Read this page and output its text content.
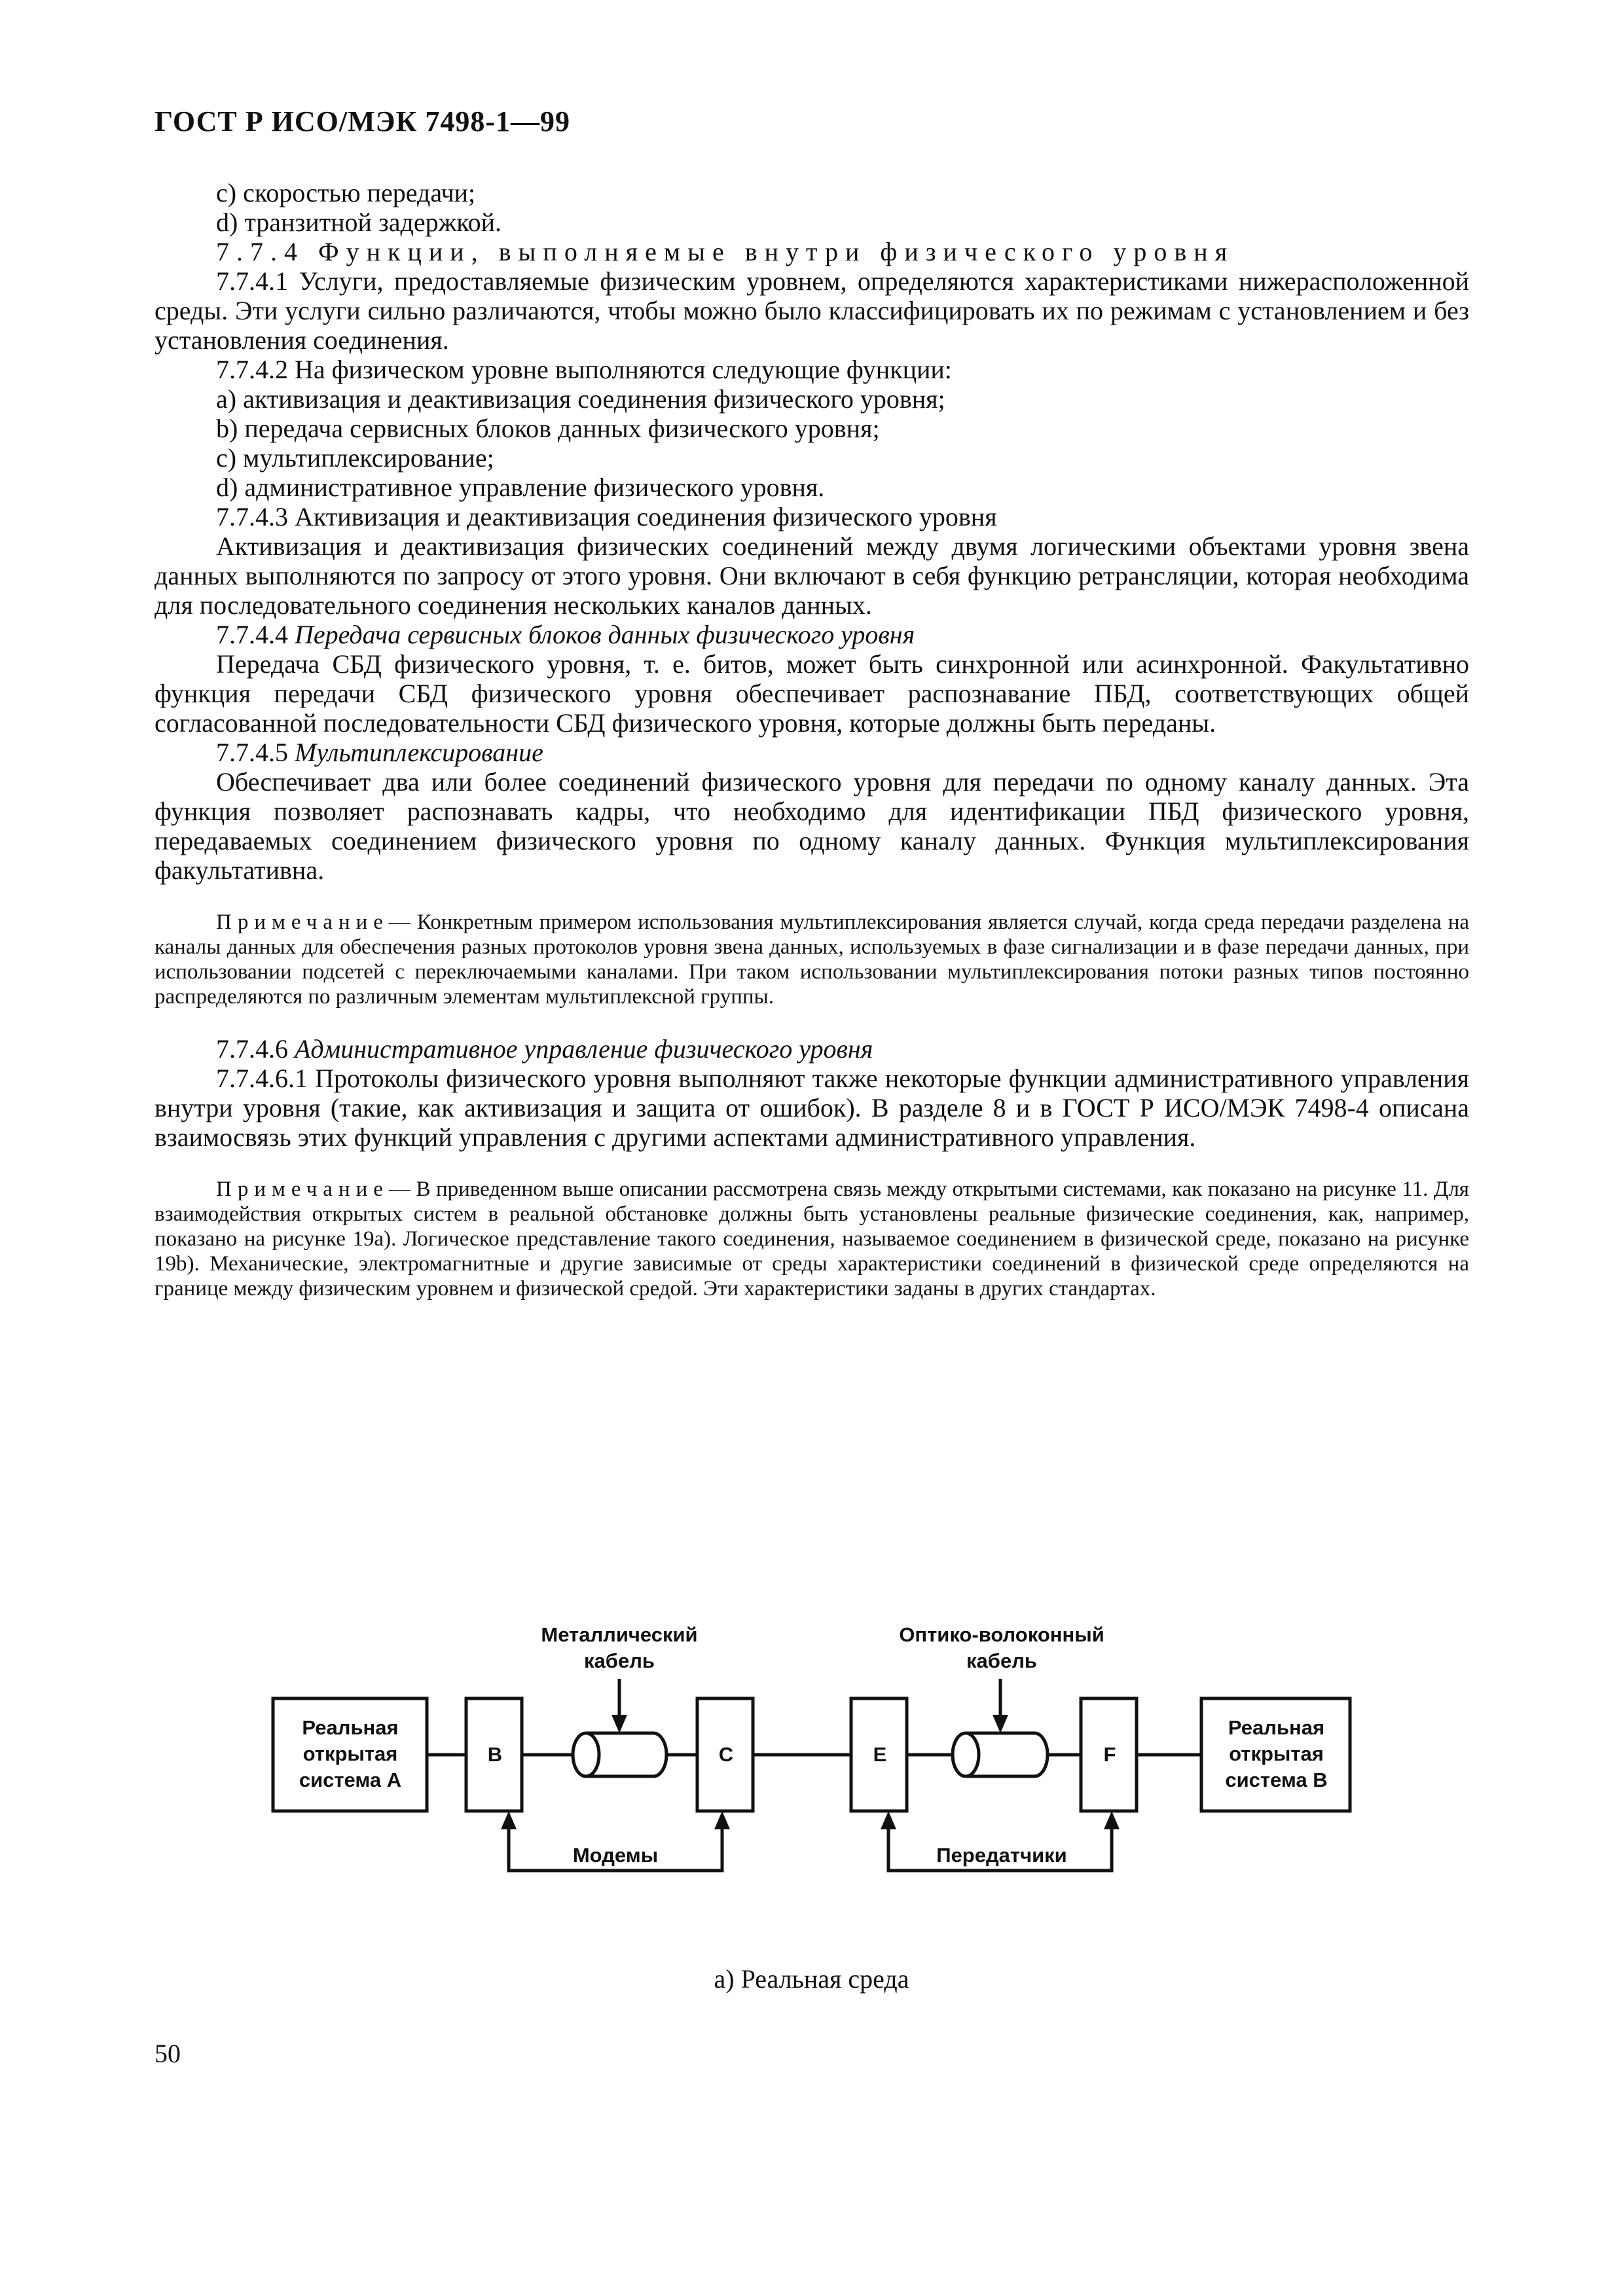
ГОСТ Р ИСО/МЭК 7498-1—99

c) скоростью передачи;

d) транзитной задержкой.

7.7.4 Функции, выполняемые внутри физического уровня

7.7.4.1 Услуги, предоставляемые физическим уровнем, определяются характеристиками нижерасположенной среды. Эти услуги сильно различаются, чтобы можно было классифицировать их по режимам с установлением и без установления соединения.

7.7.4.2 На физическом уровне выполняются следующие функции:

a) активизация и деактивизация соединения физического уровня;

b) передача сервисных блоков данных физического уровня;

c) мультиплексирование;

d) административное управление физического уровня.

7.7.4.3 Активизация и деактивизация соединения физического уровня

Активизация и деактивизация физических соединений между двумя логическими объектами уровня звена данных выполняются по запросу от этого уровня. Они включают в себя функцию ретрансляции, которая необходима для последовательного соединения нескольких каналов данных.

7.7.4.4 Передача сервисных блоков данных физического уровня

Передача СБД физического уровня, т. е. битов, может быть синхронной или асинхронной. Факультативно функция передачи СБД физического уровня обеспечивает распознавание ПБД, соответствующих общей согласованной последовательности СБД физического уровня, которые должны быть переданы.

7.7.4.5 Мультиплексирование

Обеспечивает два или более соединений физического уровня для передачи по одному каналу данных. Эта функция позволяет распознавать кадры, что необходимо для идентификации ПБД физического уровня, передаваемых соединением физического уровня по одному каналу данных. Функция мультиплексирования факультативна.

Примечание— Конкретным примером использования мультиплексирования является случай, когда среда передачи разделена на каналы данных для обеспечения разных протоколов уровня звена данных, используемых в фазе сигнализации и в фазе передачи данных, при использовании подсетей с переключаемыми каналами. При таком использовании мультиплексирования потоки разных типов постоянно распределяются по различным элементам мультиплексной группы.

7.7.4.6 Административное управление физического уровня

7.7.4.6.1 Протоколы физического уровня выполняют также некоторые функции административного управления внутри уровня (такие, как активизация и защита от ошибок). В разделе 8 и в ГОСТ Р ИСО/МЭК 7498-4 описана взаимосвязь этих функций управления с другими аспектами административного управления.

Примечание— В приведенном выше описании рассмотрена связь между открытыми системами, как показано на рисунке 11. Для взаимодействия открытых систем в реальной обстановке должны быть установлены реальные физические соединения, как, например, показано на рисунке 19а). Логическое представление такого соединения, называемое соединением в физической среде, показано на рисунке 19b). Механические, электромагнитные и другие зависимые от среды характеристики соединений в физической среде определяются на границе между физическим уровнем и физической средой. Эти характеристики заданы в других стандартах.

Реальная
открытая
система А
B	C	E	F
Реальная
открытая
система В
Металлический
кабель
Оптико-волоконный
кабель
Модемы	Передатчики
а) Реальная среда
50
